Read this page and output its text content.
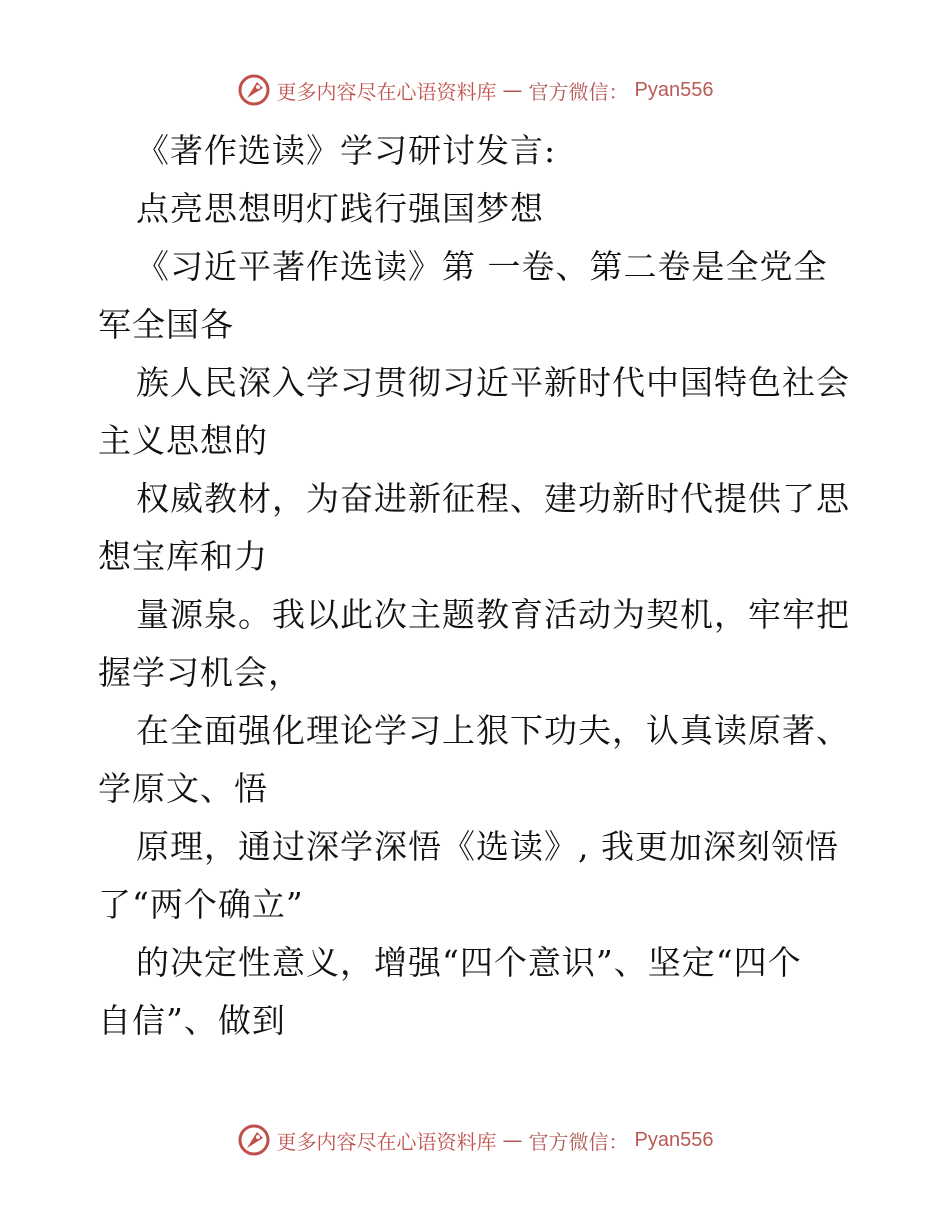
更多内容尽在心语资料库 — 官方微信： Pyan556
《著作选读》学习研讨发言:
点亮思想明灯践行强国梦想
《习近平著作选读》第 一卷、第二卷是全党全
军全国各
族人民深入学习贯彻习近平新时代中国特色社会
主义思想的
权威教材，为奋进新征程、建功新时代提供了思
想宝库和力
量源泉。我以此次主题教育活动为契机，牢牢把
握学习机会，
在全面强化理论学习上狠下功夫，认真读原著、
学原文、悟
原理，通过深学深悟《选读》, 我更加深刻领悟
了“两个确立”
的决定性意义，增强“四个意识”、坚定“四个
自信”、做到
更多内容尽在心语资料库 — 官方微信： Pyan556
